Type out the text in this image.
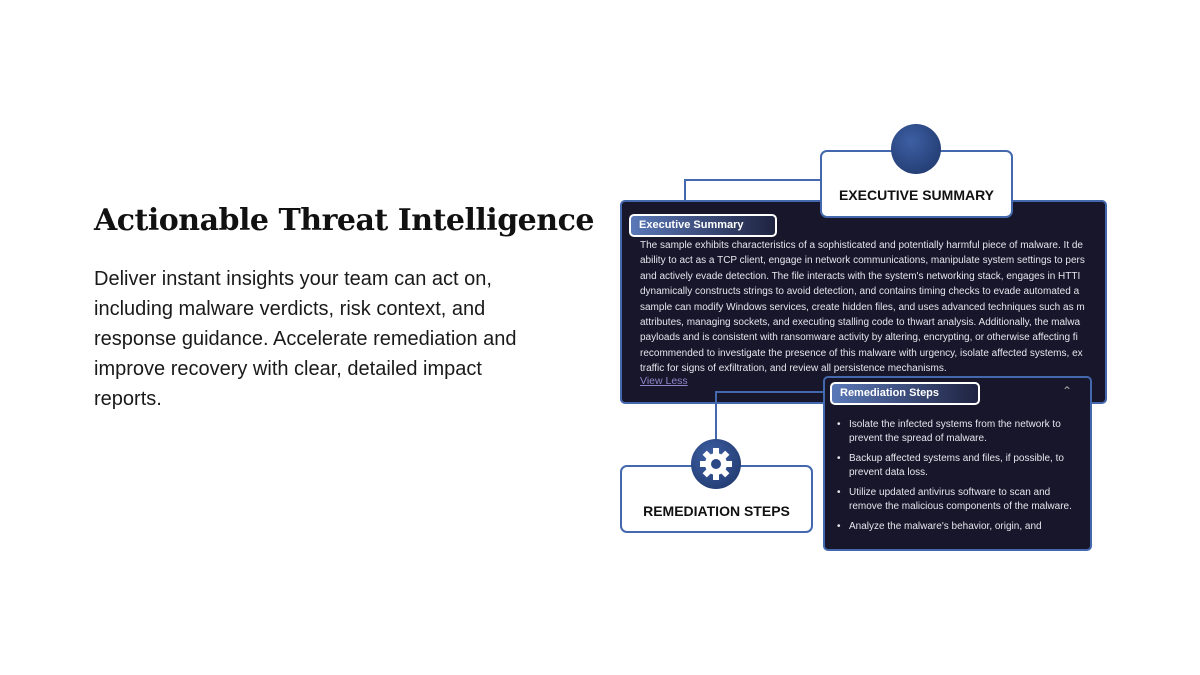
Actionable Threat Intelligence
Deliver instant insights your team can act on, including malware verdicts, risk context, and response guidance. Accelerate remediation and improve recovery with clear, detailed impact reports.
Executive Summary
The sample exhibits characteristics of a sophisticated and potentially harmful piece of malware. It de
ability to act as a TCP client, engage in network communications, manipulate system settings to pers
and actively evade detection. The file interacts with the system's networking stack, engages in HTTI
dynamically constructs strings to avoid detection, and contains timing checks to evade automated a
sample can modify Windows services, create hidden files, and uses advanced techniques such as m
attributes, managing sockets, and executing stalling code to thwart analysis. Additionally, the malwa
payloads and is consistent with ransomware activity by altering, encrypting, or otherwise affecting fi
recommended to investigate the presence of this malware with urgency, isolate affected systems, ex
traffic for signs of exfiltration, and review all persistence mechanisms.
View Less
EXECUTIVE SUMMARY
Remediation Steps	⌃
• Isolate the infected systems from the network to prevent the spread of malware.
• Backup affected systems and files, if possible, to prevent data loss.
• Utilize updated antivirus software to scan and remove the malicious components of the malware.
• Analyze the malware's behavior, origin, and
REMEDIATION STEPS
